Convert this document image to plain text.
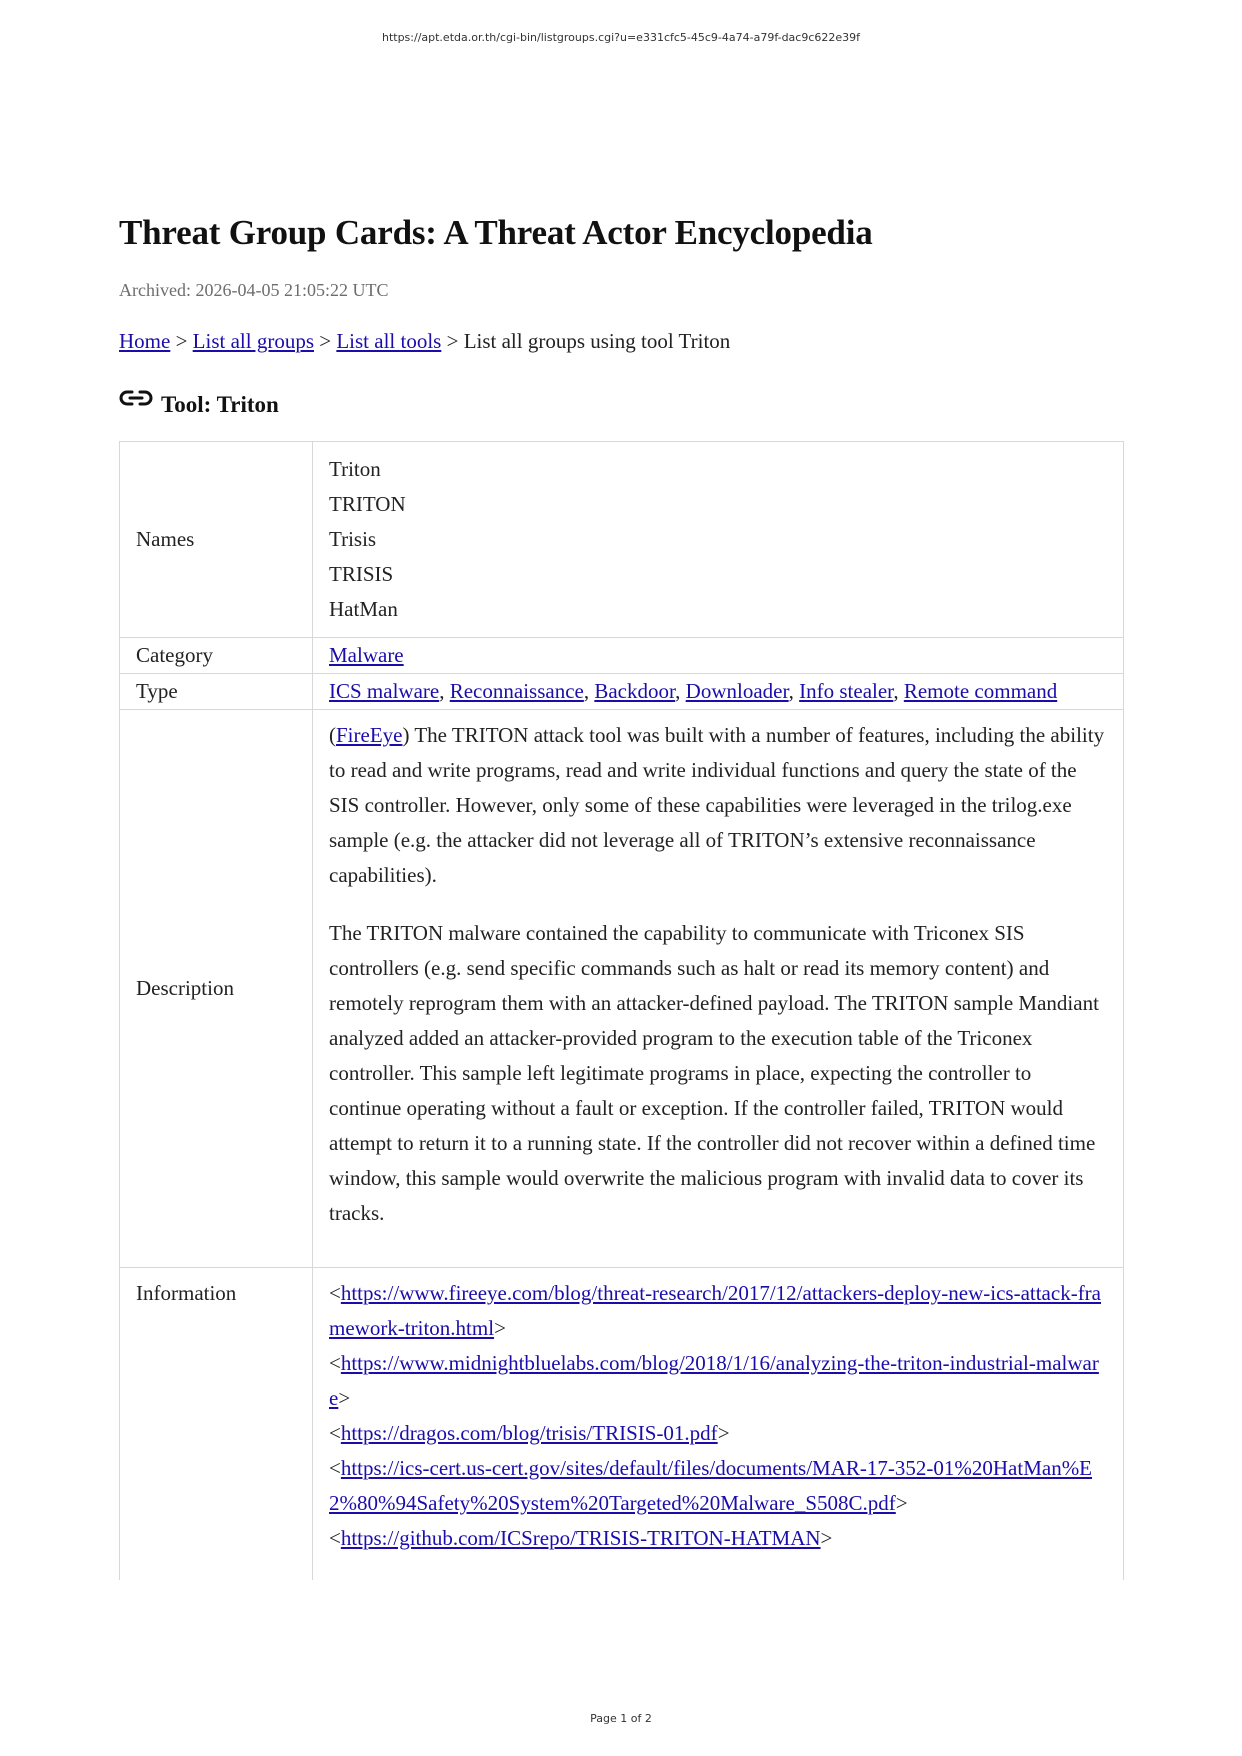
https://apt.etda.or.th/cgi-bin/listgroups.cgi?u=e331cfc5-45c9-4a74-a79f-dac9c622e39f
Threat Group Cards: A Threat Actor Encyclopedia
Archived: 2026-04-05 21:05:22 UTC
Home > List all groups > List all tools > List all groups using tool Triton
Tool: Triton
Names	Triton
TRITON
Trisis
TRISIS
HatMan

Category	Malware
Type	ICS malware, Reconnaissance, Backdoor, Downloader, Info stealer, Remote command
Description	(FireEye) The TRITON attack tool was built with a number of features, including the ability to read and write programs, read and write individual functions and query the state of the SIS controller. However, only some of these capabilities were leveraged in the trilog.exe sample (e.g. the attacker did not leverage all of TRITON’s extensive reconnaissance capabilities).

The TRITON malware contained the capability to communicate with Triconex SIS controllers (e.g. send specific commands such as halt or read its memory content) and remotely reprogram them with an attacker-defined payload. The TRITON sample Mandiant analyzed added an attacker-provided program to the execution table of the Triconex controller. This sample left legitimate programs in place, expecting the controller to continue operating without a fault or exception. If the controller failed, TRITON would attempt to return it to a running state. If the controller did not recover within a defined time window, this sample would overwrite the malicious program with invalid data to cover its tracks.

Information	<https://www.fireeye.com/blog/threat-research/2017/12/attackers-deploy-new-ics-attack-framework-triton.html>
<https://www.midnightbluelabs.com/blog/2018/1/16/analyzing-the-triton-industrial-malware>
<https://dragos.com/blog/trisis/TRISIS-01.pdf>
<https://ics-cert.us-cert.gov/sites/default/files/documents/MAR-17-352-01%20HatMan%E2%80%94Safety%20System%20Targeted%20Malware_S508C.pdf>
<https://github.com/ICSrepo/TRISIS-TRITON-HATMAN>
Page 1 of 2
